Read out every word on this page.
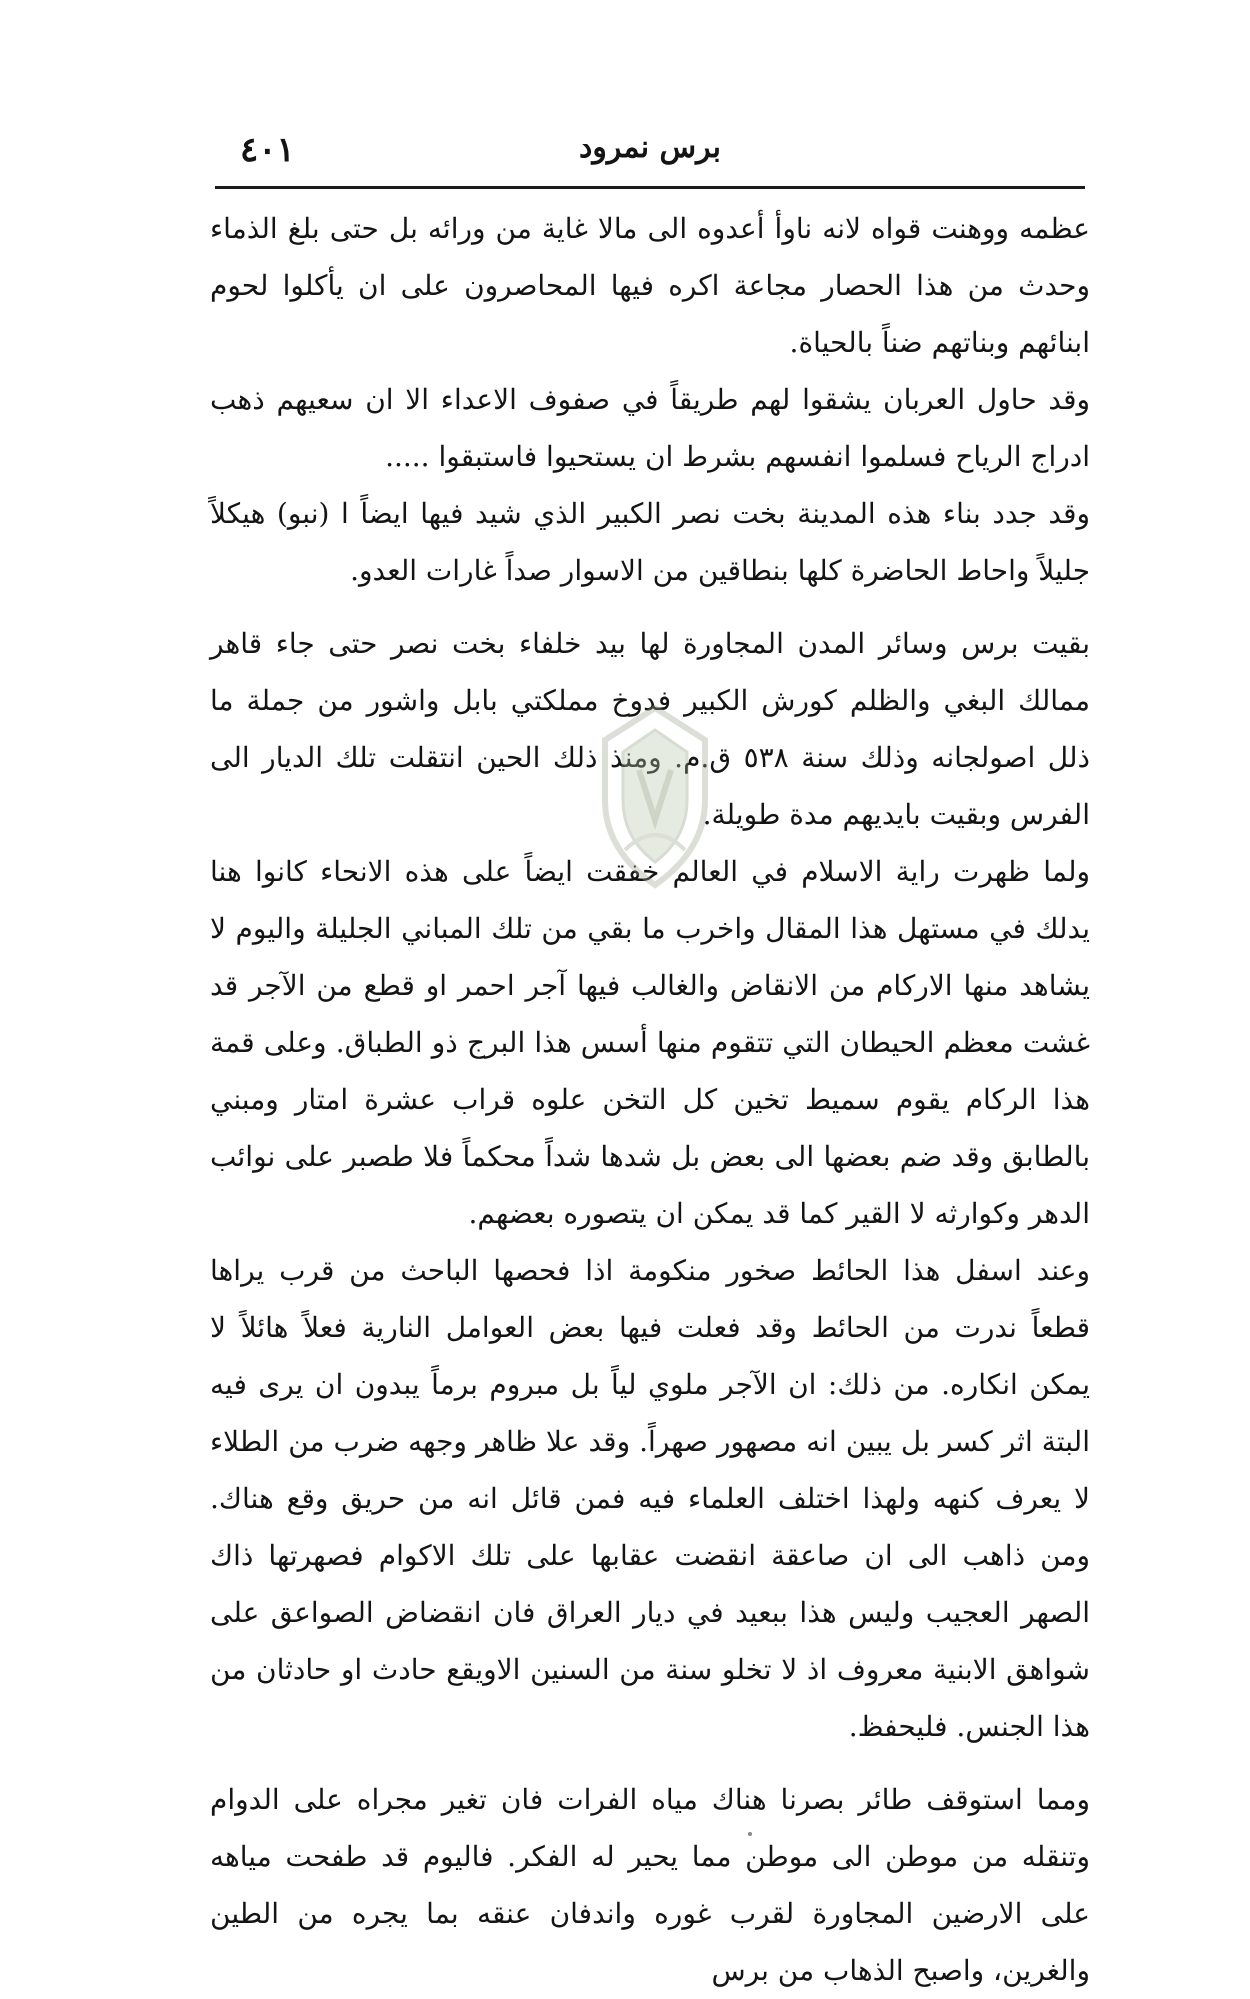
برس نمرود
٤٠١

عظمه ووهنت قواه لانه ناوأ أعدوه الى مالا غاية من ورائه بل حتى بلغ الذماء وحدث من هذا الحصار مجاعة اكره فيها المحاصرون على ان يأكلوا لحوم ابنائهم وبناتهم ضناً بالحياة.

وقد حاول العربان يشقوا لهم طريقاً في صفوف الاعداء الا ان سعيهم ذهب ادراج الرياح فسلموا انفسهم بشرط ان يستحيوا فاستبقوا .....

وقد جدد بناء هذه المدينة بخت نصر الكبير الذي شيد فيها ايضاً ا (نبو) هيكلاً جليلاً واحاط الحاضرة كلها بنطاقين من الاسوار صداً غارات العدو.

بقيت برس وسائر المدن المجاورة لها بيد خلفاء بخت نصر حتى جاء قاهر ممالك البغي والظلم كورش الكبير فدوخ مملكتي بابل واشور من جملة ما ذلل اصولجانه وذلك سنة ٥٣٨ ق.م. ومنذ ذلك الحين انتقلت تلك الديار الى الفرس وبقيت بايديهم مدة طويلة.

ولما ظهرت راية الاسلام في العالم خفقت ايضاً على هذه الانحاء كانوا هنا يدلك في مستهل هذا المقال واخرب ما بقي من تلك المباني الجليلة واليوم لا يشاهد منها الاركام من الانقاض والغالب فيها آجر احمر او قطع من الآجر قد غشت معظم الحيطان التي تتقوم منها أسس هذا البرج ذو الطباق. وعلى قمة هذا الركام يقوم سميط تخين كل التخن علوه قراب عشرة امتار ومبني بالطابق وقد ضم بعضها الى بعض بل شدها شداً محكماً فلا طصبر على نوائب الدهر وكوارثه لا القير كما قد يمكن ان يتصوره بعضهم.

وعند اسفل هذا الحائط صخور منكومة اذا فحصها الباحث من قرب يراها قطعاً ندرت من الحائط وقد فعلت فيها بعض العوامل النارية فعلاً هائلاً لا يمكن انكاره. من ذلك: ان الآجر ملوي لياً بل مبروم برماً يبدون ان يرى فيه البتة اثر كسر بل يبين انه مصهور صهراً. وقد علا ظاهر وجهه ضرب من الطلاء لا يعرف كنهه ولهذا اختلف العلماء فيه فمن قائل انه من حريق وقع هناك. ومن ذاهب الى ان صاعقة انقضت عقابها على تلك الاكوام فصهرتها ذاك الصهر العجيب وليس هذا ببعيد في ديار العراق فان انقضاض الصواعق على شواهق الابنية معروف اذ لا تخلو سنة من السنين الاويقع حادث او حادثان من هذا الجنس. فليحفظ.

ومما استوقف طائر بصرنا هناك مياه الفرات فان تغير مجراه على الدوام وتنقله من موطن الى موطن مما يحير له الفكر. فاليوم قد طفحت مياهه على الارضين المجاورة لقرب غوره واندفان عنقه بما يجره من الطين والغرين، واصبح الذهاب من برس
